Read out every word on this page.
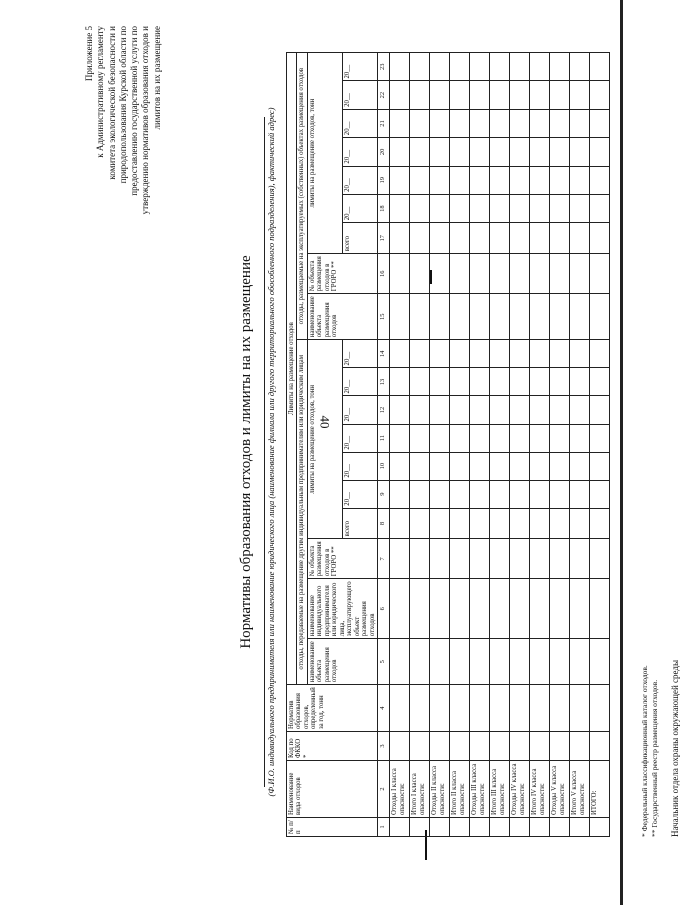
40
Приложение 5 к Административному регламенту комитета экологической безопасности и природопользования Курской области по предоставлению государственной услуги по утверждению нормативов образования отходов и лимитов на их размещение
Нормативы образования отходов и лимиты на их размещение (Ф.И.О. индивидуального предпринимателя или наименование юридического лица (наименование филиала или другого территориального обособленного подразделения), фактический адрес)
№ п/п	Наименование вида отходов	Код по ФККО *	Норматив образования отходов, определенный за год, тонн	Лимиты на размещение отходов																		
				отходы, передаваемые на размещение другим индивидуальным предпринимателям или юридическим лицам										отходы, размещаемые на эксплуатируемых (собственных) объектах размещения отходов								
				наименование объекта размещения отходов	наименование индивидуального предпринимателя или юридического лица, эксплуатирующего объект размещения отходов	№ объекта размещения отходов в ГРОРО **	лимиты на размещение отходов, тонн							наименование объекта размещения отходов	№ объекта размещения отходов в ГРОРО **	лимиты на размещение отходов, тонн						
							всего	20__	20__	20__	20__	20__	20__			всего	20__	20__	20__	20__	20__	20__
1	2	3	4	5	6	7	8	9	10	11	12	13	14	15	16	17	18	19	20	21	22	23
	Отходы I класса опасности:																					
	Итого I класса опасности:																					
	Отходы II класса опасности:																					
	Итого II класса опасности:																					
	Отходы III класса опасности:																					
	Итого III класса опасности:																					
	Отходы IV класса опасности:																					
	Итого IV класса опасности:																					
	Отходы V класса опасности:																					
	Итого V класса опасности:																					
	ИТОГО:																						* Федеральный классификационный каталог отходов. ** Государственный реестр размещения отходов. Начальник отдела охраны окружающей среды
